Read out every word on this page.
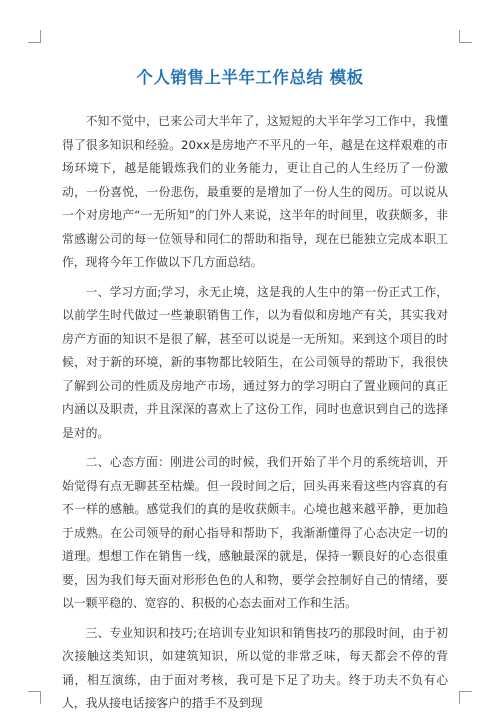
个人销售上半年工作总结 模板

不知不觉中，已来公司大半年了，这短短的大半年学习工作中，我懂得了很多知识和经验。20xx是房地产不平凡的一年，越是在这样艰难的市场环境下，越是能锻炼我们的业务能力，更让自己的人生经历了一份激动，一份喜悦，一份悲伤，最重要的是增加了一份人生的阅历。可以说从一个对房地产“一无所知”的门外人来说，这半年的时间里，收获颇多，非常感谢公司的每一位领导和同仁的帮助和指导，现在已能独立完成本职工作，现将今年工作做以下几方面总结。

一、学习方面;学习，永无止境，这是我的人生中的第一份正式工作，以前学生时代做过一些兼职销售工作，以为看似和房地产有关，其实我对房产方面的知识不是很了解，甚至可以说是一无所知。来到这个项目的时候，对于新的环境，新的事物都比较陌生，在公司领导的帮助下，我很快了解到公司的性质及房地产市场，通过努力的学习明白了置业顾问的真正内涵以及职责，并且深深的喜欢上了这份工作，同时也意识到自己的选择是对的。

二、心态方面：刚进公司的时候，我们开始了半个月的系统培训，开始觉得有点无聊甚至枯燥。但一段时间之后，回头再来看这些内容真的有不一样的感触。感觉我们的真的是收获颇丰。心境也越来越平静，更加趋于成熟。在公司领导的耐心指导和帮助下，我渐渐懂得了心态决定一切的道理。想想工作在销售一线，感触最深的就是，保持一颗良好的心态很重要，因为我们每天面对形形色色的人和物，要学会控制好自己的情绪，要以一颗平稳的、宽容的、积极的心态去面对工作和生活。

三、专业知识和技巧;在培训专业知识和销售技巧的那段时间，由于初次接触这类知识，如建筑知识，所以觉的非常乏味，每天都会不停的背诵，相互演练，由于面对考核，我可是下足了功夫。终于功夫不负有心人，我从接电话接客户的措手不及到现
